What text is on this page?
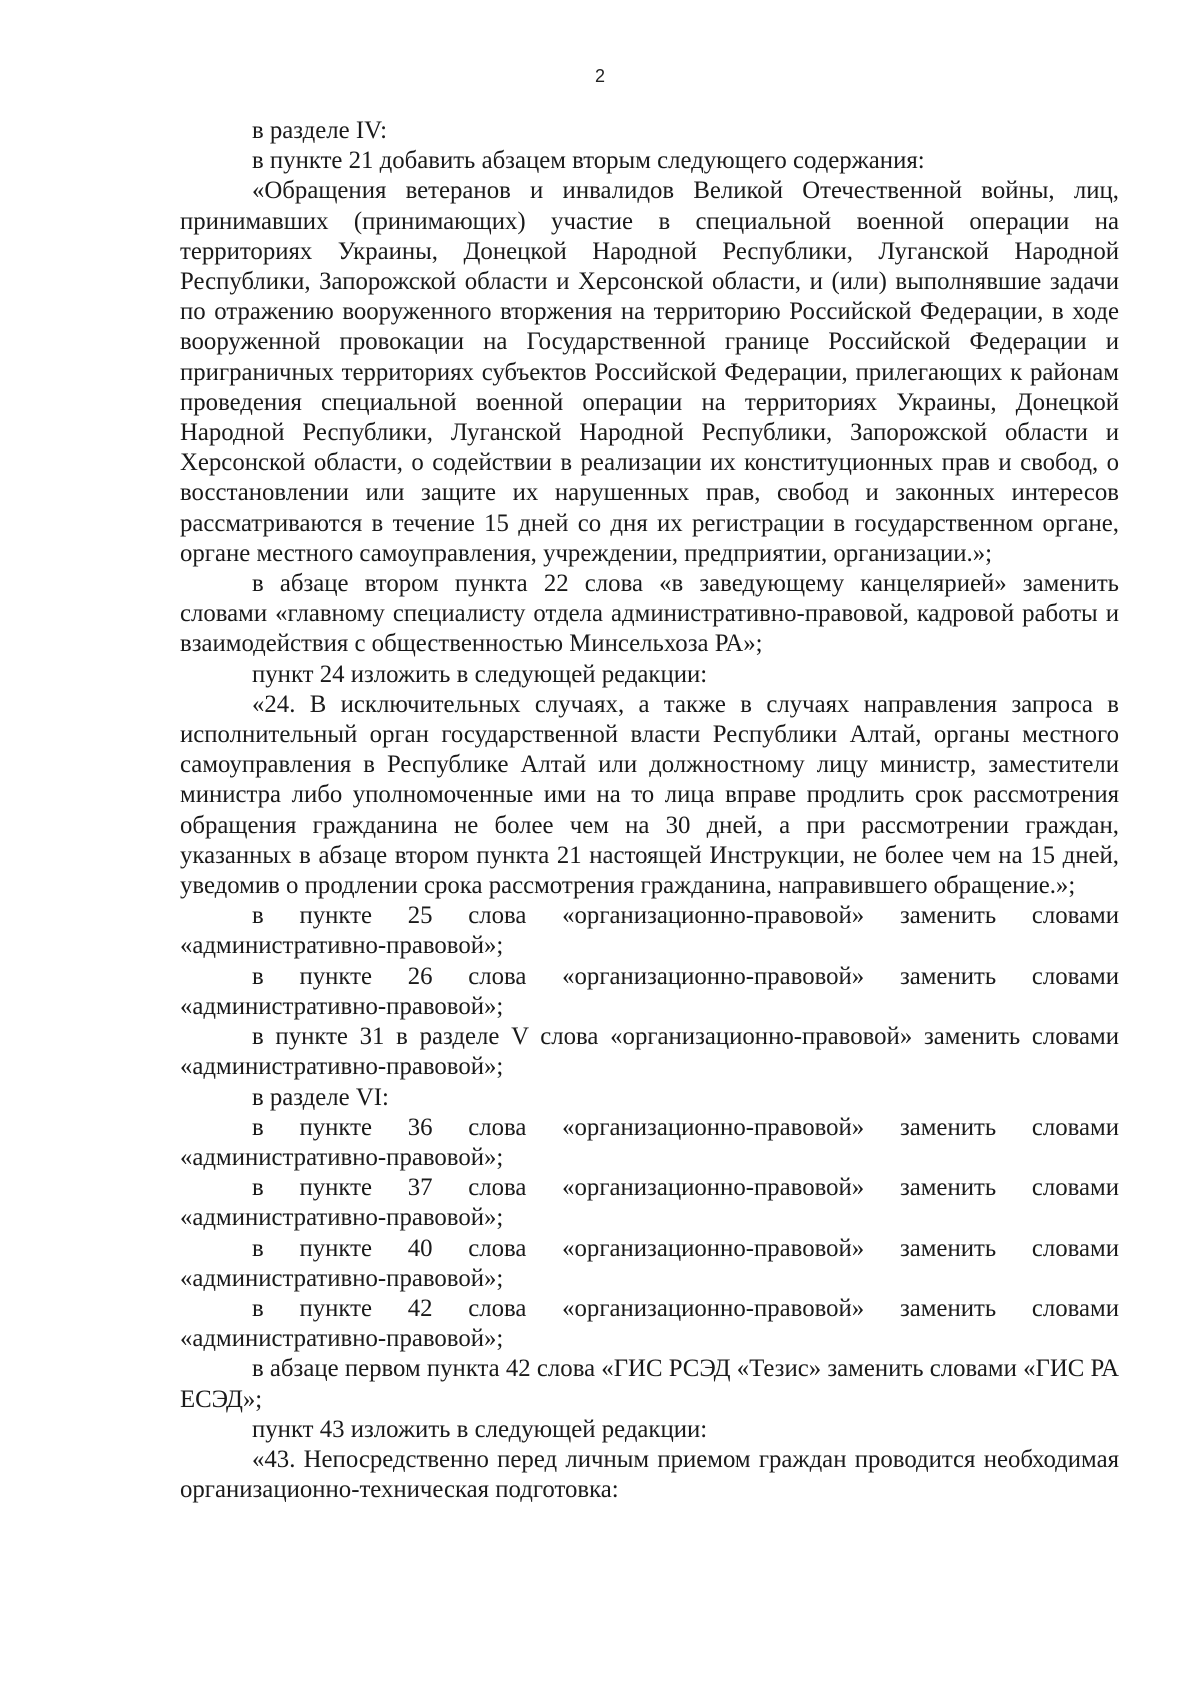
2

в разделе IV:

в пункте 21 добавить абзацем вторым следующего содержания:

«Обращения ветеранов и инвалидов Великой Отечественной войны, лиц, принимавших (принимающих) участие в специальной военной операции на территориях Украины, Донецкой Народной Республики, Луганской Народной Республики, Запорожской области и Херсонской области, и (или) выполнявшие задачи по отражению вооруженного вторжения на территорию Российской Федерации, в ходе вооруженной провокации на Государственной границе Российской Федерации и приграничных территориях субъектов Российской Федерации, прилегающих к районам проведения специальной военной операции на территориях Украины, Донецкой Народной Республики, Луганской Народной Республики, Запорожской области и Херсонской области, о содействии в реализации их конституционных прав и свобод, о восстановлении или защите их нарушенных прав, свобод и законных интересов рассматриваются в течение 15 дней со дня их регистрации в государственном органе, органе местного самоуправления, учреждении, предприятии, организации.»;

в абзаце втором пункта 22 слова «в заведующему канцелярией» заменить словами «главному специалисту отдела административно-правовой, кадровой работы и взаимодействия с общественностью Минсельхоза РА»;

пункт 24 изложить в следующей редакции:

«24. В исключительных случаях, а также в случаях направления запроса в исполнительный орган государственной власти Республики Алтай, органы местного самоуправления в Республике Алтай или должностному лицу министр, заместители министра либо уполномоченные ими на то лица вправе продлить срок рассмотрения обращения гражданина не более чем на 30 дней, а при рассмотрении граждан, указанных в абзаце втором пункта 21 настоящей Инструкции, не более чем на 15 дней, уведомив о продлении срока рассмотрения гражданина, направившего обращение.»;

в пункте 25 слова «организационно-правовой» заменить словами «административно-правовой»;

в пункте 26 слова «организационно-правовой» заменить словами «административно-правовой»;

в пункте 31 в разделе V слова «организационно-правовой» заменить словами «административно-правовой»;

в разделе VI:

в пункте 36 слова «организационно-правовой» заменить словами «административно-правовой»;

в пункте 37 слова «организационно-правовой» заменить словами «административно-правовой»;

в пункте 40 слова «организационно-правовой» заменить словами «административно-правовой»;

в пункте 42 слова «организационно-правовой» заменить словами «административно-правовой»;

в абзаце первом пункта 42 слова «ГИС РСЭД «Тезис» заменить словами «ГИС РА ЕСЭД»;

пункт 43 изложить в следующей редакции:

«43. Непосредственно перед личным приемом граждан проводится необходимая организационно-техническая подготовка:
